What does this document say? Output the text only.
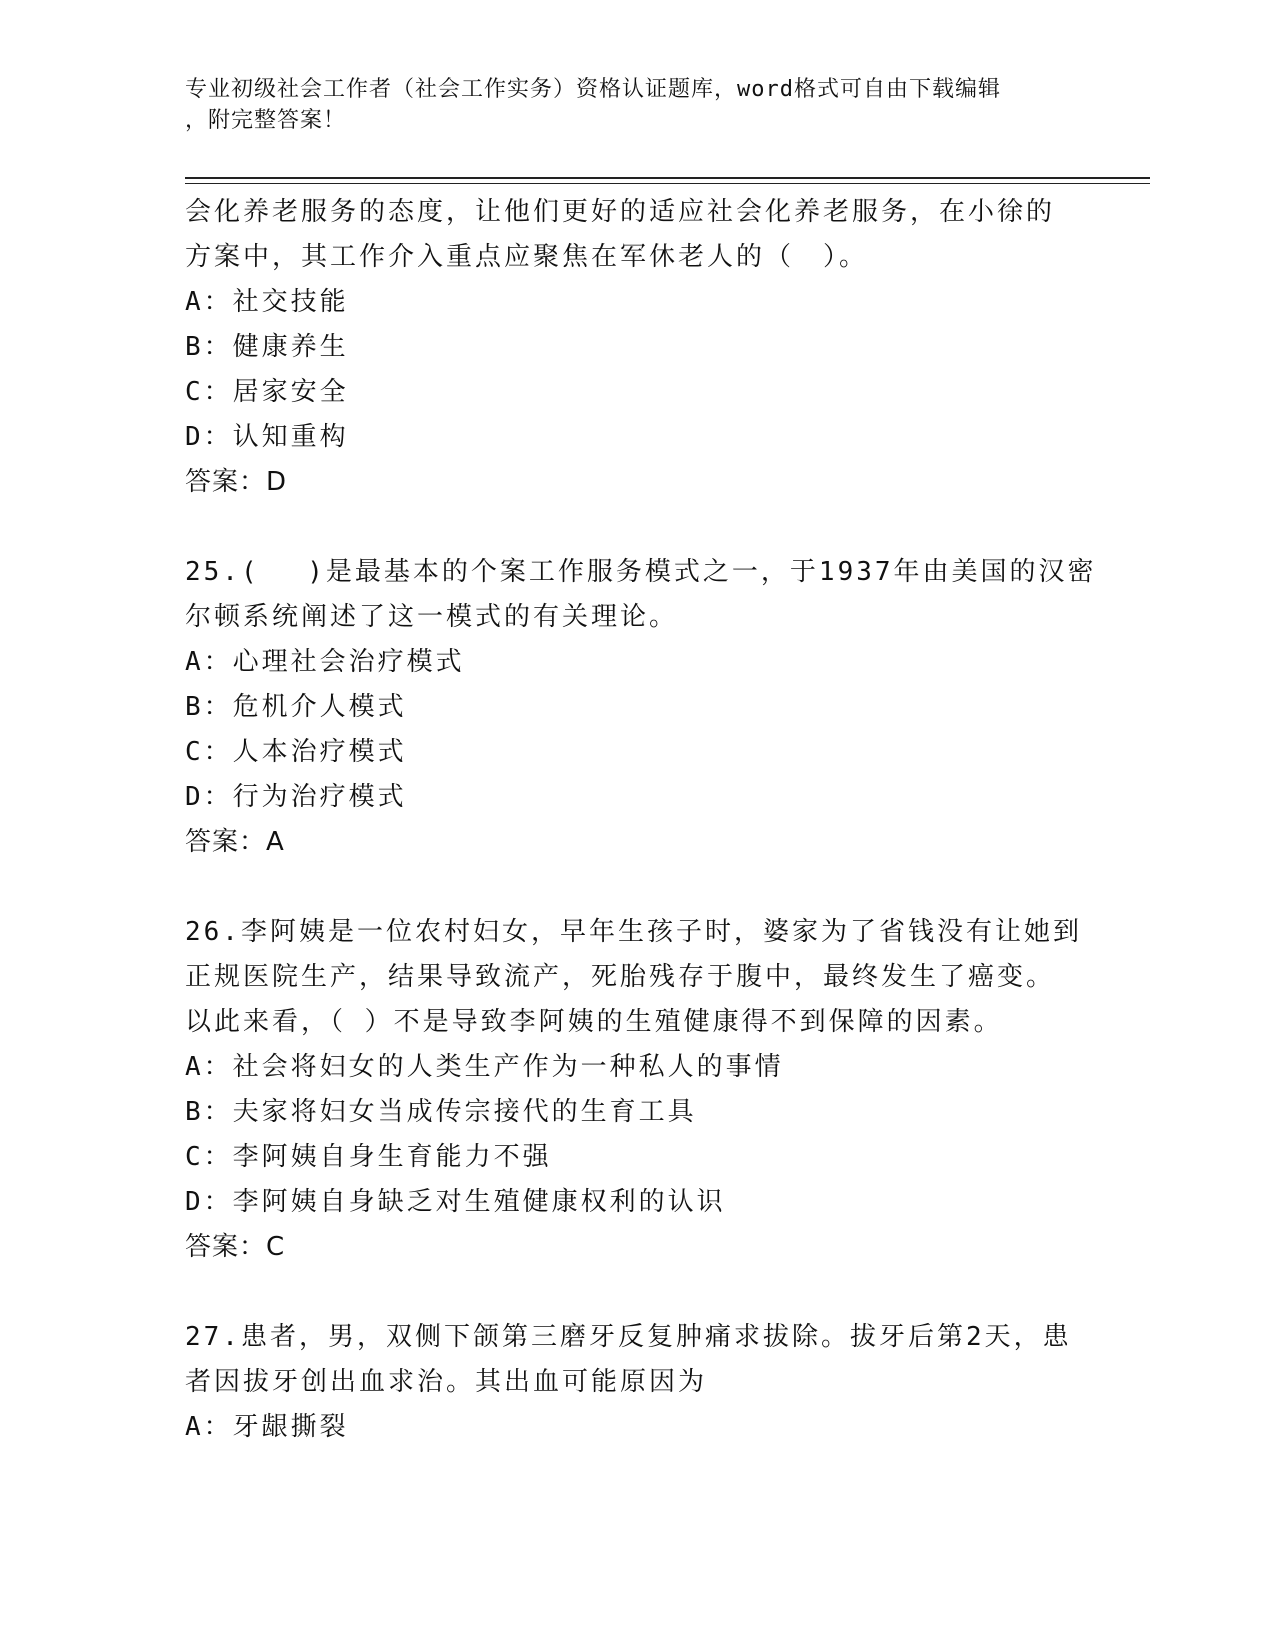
专业初级社会工作者（社会工作实务）资格认证题库，word格式可自由下载编辑
，附完整答案！
会化养老服务的态度，让他们更好的适应社会化养老服务，在小徐的
方案中，其工作介入重点应聚焦在军休老人的（　）。
A：社交技能
B：健康养生
C：居家安全
D：认知重构
答案：D
25.(　 )是最基本的个案工作服务模式之一，于1937年由美国的汉密
尔顿系统阐述了这一模式的有关理论。
A：心理社会治疗模式
B：危机介人模式
C：人本治疗模式
D：行为治疗模式
答案：A
26.李阿姨是一位农村妇女，早年生孩子时，婆家为了省钱没有让她到
正规医院生产，结果导致流产，死胎残存于腹中，最终发生了癌变。
以此来看，（ ）不是导致李阿姨的生殖健康得不到保障的因素。
A：社会将妇女的人类生产作为一种私人的事情
B：夫家将妇女当成传宗接代的生育工具
C：李阿姨自身生育能力不强
D：李阿姨自身缺乏对生殖健康权利的认识
答案：C
27.患者，男，双侧下颌第三磨牙反复肿痛求拔除。拔牙后第2天，患
者因拔牙创出血求治。其出血可能原因为
A：牙龈撕裂
